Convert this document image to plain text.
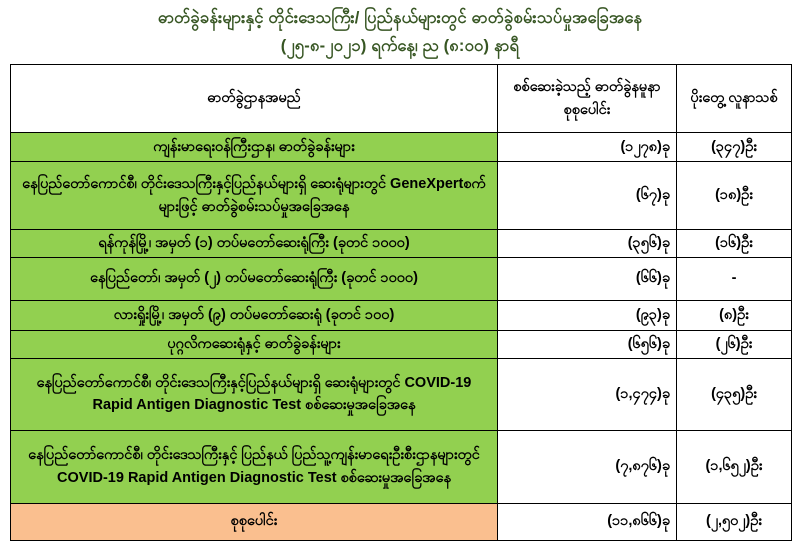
ဓာတ်ခွဲခန်းများနှင့် တိုင်းဒေသကြီး/ ပြည်နယ်များတွင် ဓာတ်ခွဲစမ်းသပ်မှုအခြေအနေ
(၂၅-၈-၂၀၂၁) ရက်နေ့၊ ည (၈:၀၀) နာရီ
ဓာတ်ခွဲဌာနအမည်	စစ်ဆေးခဲ့သည့် ဓာတ်ခွဲနမူနာ စုစုပေါင်း	ပိုးတွေ့ လူနာသစ်
ကျန်းမာရေးဝန်ကြီးဌာန၊ ဓာတ်ခွဲခန်းများ	(၁၂၇၈)ခု	(၃၄၇)ဦး
နေပြည်တော်ကောင်စီ၊ တိုင်းဒေသကြီးနှင့်ပြည်နယ်များရှိ ဆေးရုံများတွင် GeneXpertစက်များဖြင့် ဓာတ်ခွဲစမ်းသပ်မှုအခြေအနေ	(၆၇)ခု	(၁၈)ဦး
ရန်ကုန်မြို့၊ အမှတ် (၁) တပ်မတော်ဆေးရုံကြီး (ခုတင် ၁၀၀၀)	(၃၅၆)ခု	(၁၆)ဦး
နေပြည်တော်၊ အမှတ် (၂) တပ်မတော်ဆေးရုံကြီး (ခုတင် ၁၀၀၀)	(၆၆)ခု	-
လားရှိုးမြို့၊ အမှတ် (၉) တပ်မတော်ဆေးရုံ (ခုတင် ၁၀၀)	(၉၃)ခု	(၈)ဦး
ပုဂ္ဂလိကဆေးရုံနှင့် ဓာတ်ခွဲခန်းများ	(၆၅၆)ခု	(၂၆)ဦး
နေပြည်တော်ကောင်စီ၊ တိုင်းဒေသကြီးနှင့်ပြည်နယ်များရှိ ဆေးရုံများတွင် COVID-19 Rapid Antigen Diagnostic Test စစ်ဆေးမှုအခြေအနေ	(၁,၄၇၄)ခု	(၄၃၅)ဦး
နေပြည်တော်ကောင်စီ၊ တိုင်းဒေသကြီးနှင့် ပြည်နယ် ပြည်သူ့ကျန်းမာရေးဦးစီးဌာနများတွင် COVID-19 Rapid Antigen Diagnostic Test စစ်ဆေးမှုအခြေအနေ	(၇,၈၇၆)ခု	(၁,၆၅၂)ဦး
စုစုပေါင်း	(၁၁,၈၆၆)ခု	(၂,၅၀၂)ဦး
